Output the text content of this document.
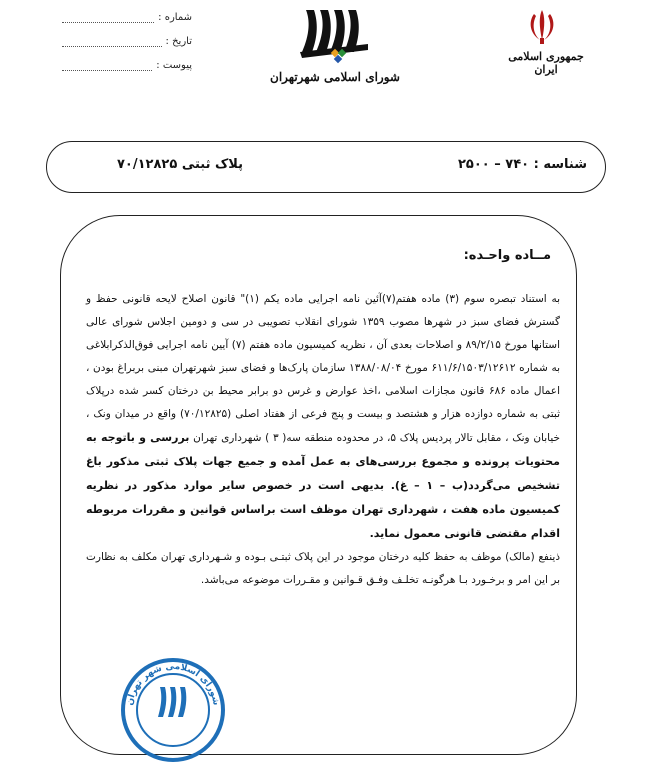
شماره :
تاریخ :
پیوست :
شورای اسلامی شهرتهران
جمهوری اسلامی ایران
شناسه : ۷۴۰ – ۲۵۰۰
پلاک ثبتی ۷۰/۱۲۸۲۵
مــاده واحـده:

به استناد تبصره سوم (۳) ماده هفتم(۷)آئین نامه اجرایی ماده یکم (۱)" قانون اصلاح لایحه قانونی حفظ و گسترش فضای سبز در شهرها مصوب ۱۳۵۹ شورای انقلاب تصویبی در سی و دومین اجلاس شورای عالی استانها مورخ ۸۹/۲/۱۵ و اصلاحات بعدی آن ، نظریه کمیسیون ماده هفتم (۷) آیین نامه اجرایی فوق‌الذکرابلاغی به شماره ۶۱۱/۶/۱۵۰۳/۱۲۶۱۲ مورخ ۱۳۸۸/۰۸/۰۴ سازمان پارک‌ها و فضای سبز شهرتهران مبنی بربراغ بودن ، اعمال ماده ۶۸۶ قانون مجازات اسلامی ،اخذ عوارض و غرس دو برابر محیط بن درختان کسر شده درپلاک ثبتی به شماره دوازده هزار و هشتصد و بیست و پنج فرعی از هفتاد اصلی (۷۰/۱۲۸۲۵) واقع در میدان ونک ، خیابان ونک ، مقابل تالار پردیس پلاک ۵، در محدوده منطقه سه( ۳ ) شهرداری تهران بررسی و باتوجه به محتویات پرونده و مجموع بررسی‌های به عمل آمده و جمیع جهات پلاک ثبتی مذکور باغ تشخیص می‌گردد(ب – ۱ – غ). بدیهی است در خصوص سایر موارد مذکور در نظریه کمیسیون ماده هفت ، شهرداری تهران موظف است براساس قوانین و مقررات مربوطه اقدام مقتضی قانونی معمول نماید.

ذینفع (مالک) موظف به حفظ کلیه درختان موجود در این پلاک ثبتـی بـوده و شـهرداری تهران مکلف به نظارت بر این امر و برخـورد بـا هرگونـه تخلـف وفـق قـوانین و مقـررات موضوعه می‌باشد.

شورای اسلامی شهر تهران
